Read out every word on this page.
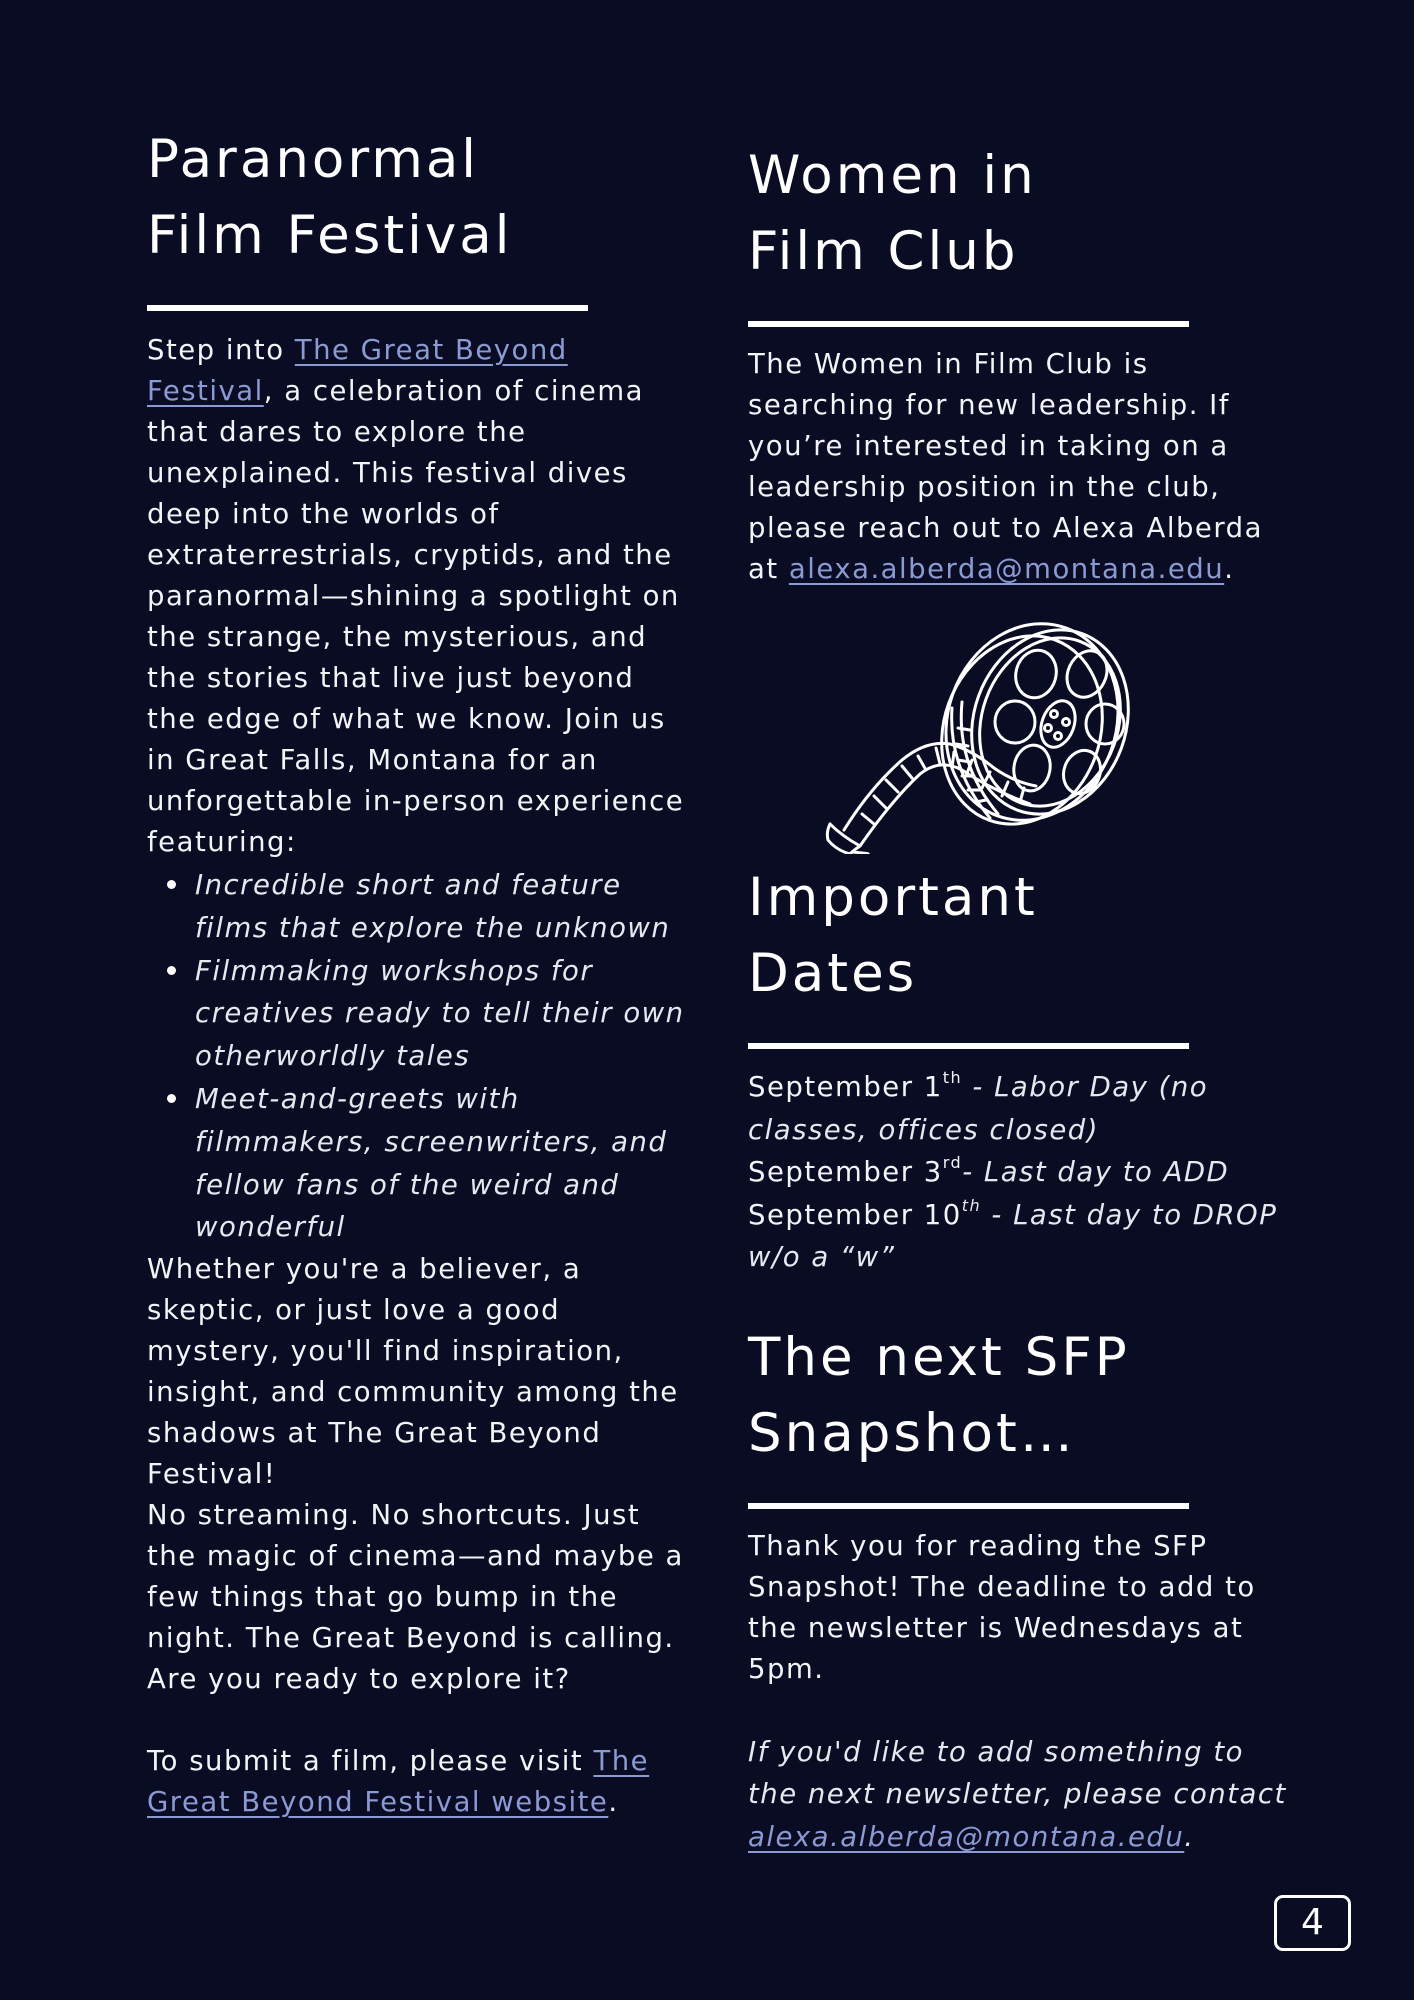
Paranormal
Film Festival

Step into The Great Beyond Festival, a celebration of cinema that dares to explore the unexplained. This festival dives deep into the worlds of extraterrestrials, cryptids, and the paranormal—shining a spotlight on the strange, the mysterious, and the stories that live just beyond the edge of what we know. Join us in Great Falls, Montana for an unforgettable in-person experience featuring:

Incredible short and feature films that explore the unknown
Filmmaking workshops for creatives ready to tell their own otherworldly tales
Meet-and-greets with filmmakers, screenwriters, and fellow fans of the weird and wonderful

Whether you're a believer, a skeptic, or just love a good mystery, you'll find inspiration, insight, and community among the shadows at The Great Beyond Festival!

No streaming. No shortcuts. Just the magic of cinema—and maybe a few things that go bump in the night. The Great Beyond is calling. Are you ready to explore it?

To submit a film, please visit The Great Beyond Festival website.

Women in
Film Club

The Women in Film Club is searching for new leadership. If you’re interested in taking on a leadership position in the club, please reach out to Alexa Alberda at alexa.alberda@montana.edu.

Important
Dates
September 1th - Labor Day (no classes, offices closed)
September 3rd- Last day to ADD
September 10th - Last day to DROP w/o a “w”
The next SFP
Snapshot…

Thank you for reading the SFP Snapshot! The deadline to add to the newsletter is Wednesdays at 5pm.

If you'd like to add something to the next newsletter, please contact alexa.alberda@montana.edu.

4
